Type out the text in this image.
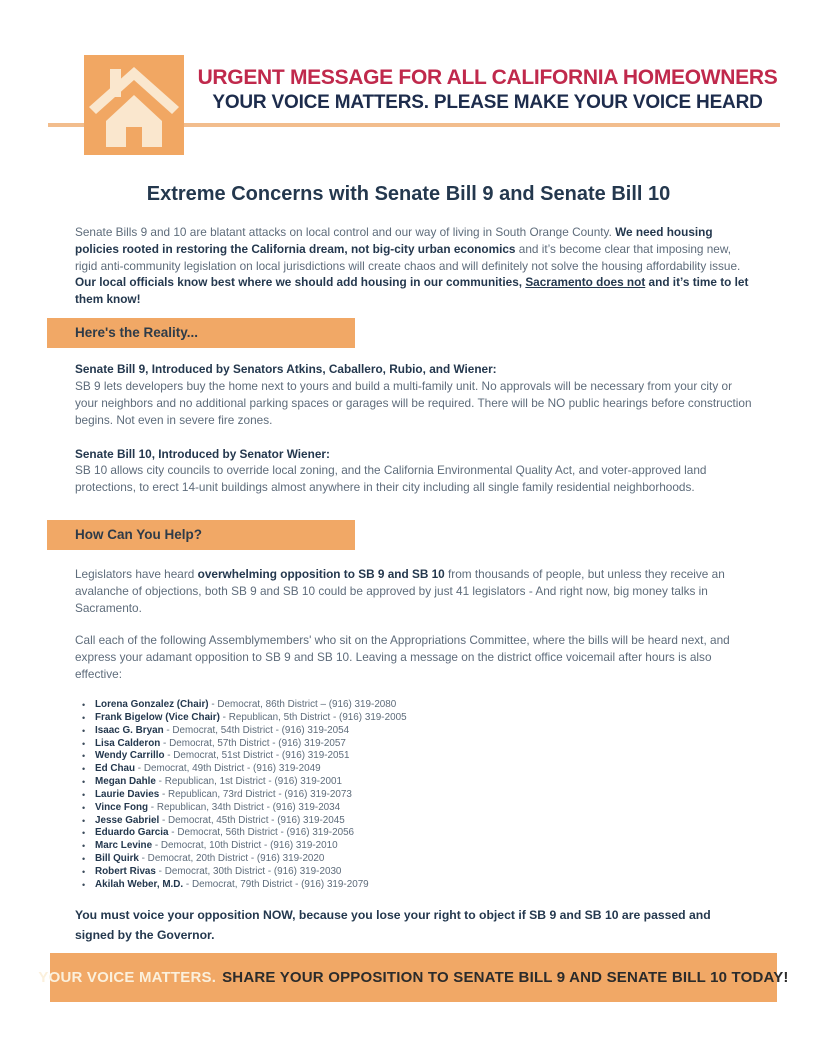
URGENT MESSAGE FOR ALL CALIFORNIA HOMEOWNERS
YOUR VOICE MATTERS. PLEASE MAKE YOUR VOICE HEARD
Extreme Concerns with Senate Bill 9 and Senate Bill 10

Senate Bills 9 and 10 are blatant attacks on local control and our way of living in South Orange County. We need housing policies rooted in restoring the California dream, not big-city urban economics and it’s become clear that imposing new, rigid anti-community legislation on local jurisdictions will create chaos and will definitely not solve the housing affordability issue. Our local officials know best where we should add housing in our communities, Sacramento does not and it’s time to let them know!

Here's the Reality...

Senate Bill 9, Introduced by Senators Atkins, Caballero, Rubio, and Wiener:

SB 9 lets developers buy the home next to yours and build a multi-family unit. No approvals will be necessary from your city or your neighbors and no additional parking spaces or garages will be required. There will be NO public hearings before construction begins. Not even in severe fire zones.

Senate Bill 10, Introduced by Senator Wiener:

SB 10 allows city councils to override local zoning, and the California Environmental Quality Act, and voter-approved land protections, to erect 14-unit buildings almost anywhere in their city including all single family residential neighborhoods.

How Can You Help?

Legislators have heard overwhelming opposition to SB 9 and SB 10 from thousands of people, but unless they receive an avalanche of objections, both SB 9 and SB 10 could be approved by just 41 legislators - And right now, big money talks in Sacramento.

Call each of the following Assemblymembers' who sit on the Appropriations Committee, where the bills will be heard next, and express your adamant opposition to SB 9 and SB 10. Leaving a message on the district office voicemail after hours is also effective:

• Lorena Gonzalez (Chair) - Democrat, 86th District – (916) 319-2080
• Frank Bigelow (Vice Chair) - Republican, 5th District - (916) 319-2005
• Isaac G. Bryan - Democrat, 54th District - (916) 319-2054
• Lisa Calderon - Democrat, 57th District - (916) 319-2057
• Wendy Carrillo - Democrat, 51st District - (916) 319-2051
• Ed Chau - Democrat, 49th District - (916) 319-2049
• Megan Dahle - Republican, 1st District - (916) 319-2001
• Laurie Davies - Republican, 73rd District - (916) 319-2073
• Vince Fong - Republican, 34th District - (916) 319-2034
• Jesse Gabriel - Democrat, 45th District - (916) 319-2045
• Eduardo Garcia - Democrat, 56th District - (916) 319-2056
• Marc Levine - Democrat, 10th District - (916) 319-2010
• Bill Quirk - Democrat, 20th District - (916) 319-2020
• Robert Rivas - Democrat, 30th District - (916) 319-2030
• Akilah Weber, M.D. - Democrat, 79th District - (916) 319-2079

You must voice your opposition NOW, because you lose your right to object if SB 9 and SB 10 are passed and signed by the Governor.

YOUR VOICE MATTERS. SHARE YOUR OPPOSITION TO SENATE BILL 9 AND SENATE BILL 10 TODAY!
